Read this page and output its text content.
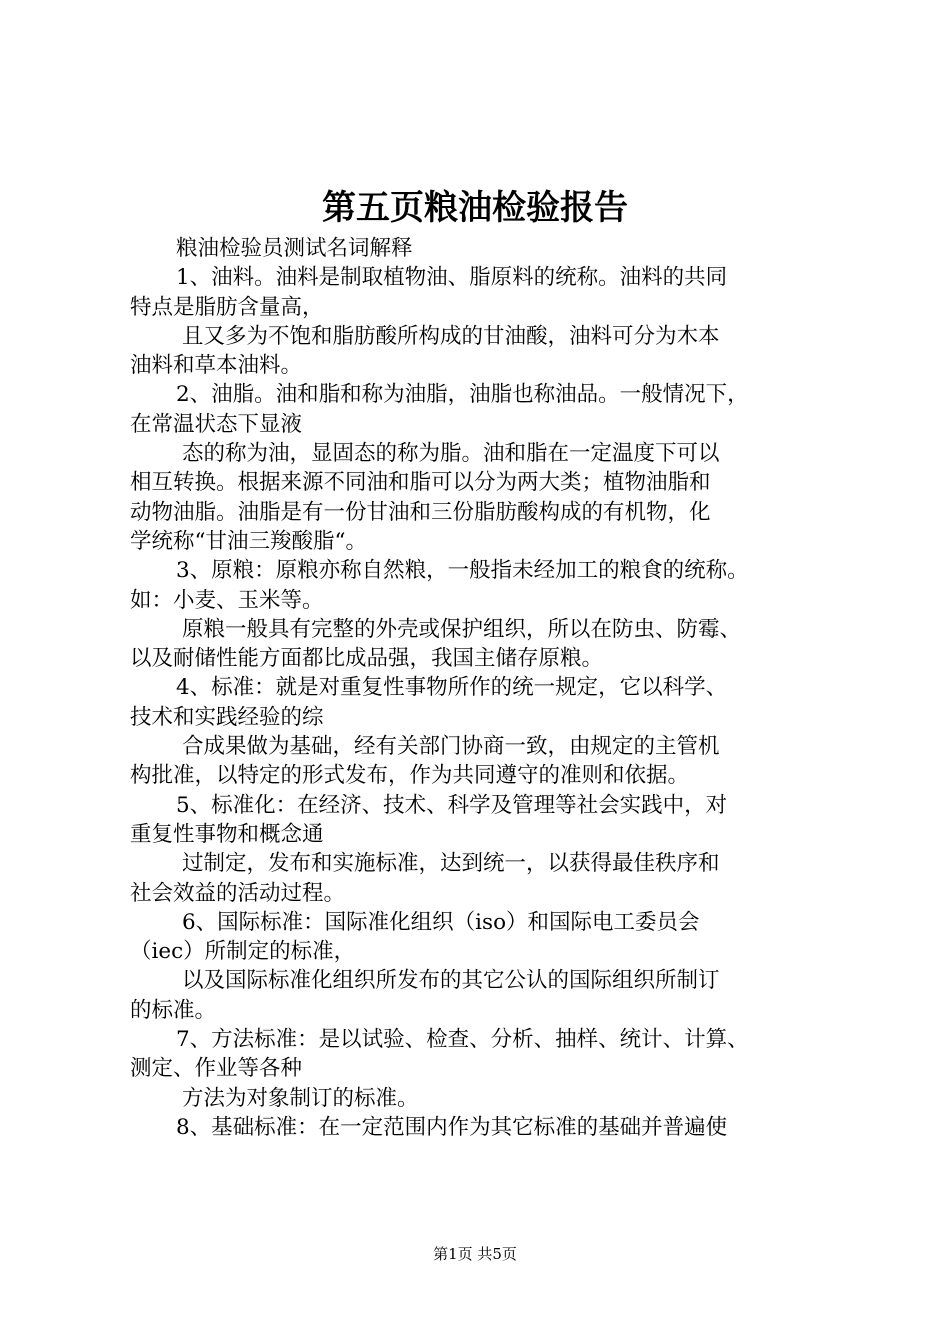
第五页粮油检验报告

粮油检验员测试名词解释

1、油料。油料是制取植物油、脂原料的统称。油料的共同

特点是脂肪含量高，

且又多为不饱和脂肪酸所构成的甘油酸，油料可分为木本

油料和草本油料。

2、油脂。油和脂和称为油脂，油脂也称油品。一般情况下，

在常温状态下显液

态的称为油，显固态的称为脂。油和脂在一定温度下可以

相互转换。根据来源不同油和脂可以分为两大类；植物油脂和

动物油脂。油脂是有一份甘油和三份脂肪酸构成的有机物，化

学统称“甘油三羧酸脂“。

3、原粮：原粮亦称自然粮，一般指未经加工的粮食的统称。

如：小麦、玉米等。

原粮一般具有完整的外壳或保护组织，所以在防虫、防霉、

以及耐储性能方面都比成品强，我国主储存原粮。

4、标准：就是对重复性事物所作的统一规定，它以科学、

技术和实践经验的综

合成果做为基础，经有关部门协商一致，由规定的主管机

构批准，以特定的形式发布，作为共同遵守的准则和依据。

5、标准化：在经济、技术、科学及管理等社会实践中，对

重复性事物和概念通

过制定，发布和实施标准，达到统一，以获得最佳秩序和

社会效益的活动过程。

6、国际标准：国际准化组织（iso）和国际电工委员会

（iec）所制定的标准，

以及国际标准化组织所发布的其它公认的国际组织所制订

的标准。

7、方法标准：是以试验、检查、分析、抽样、统计、计算、

测定、作业等各种

方法为对象制订的标准。

8、基础标准：在一定范围内作为其它标准的基础并普遍使

第1页 共5页
